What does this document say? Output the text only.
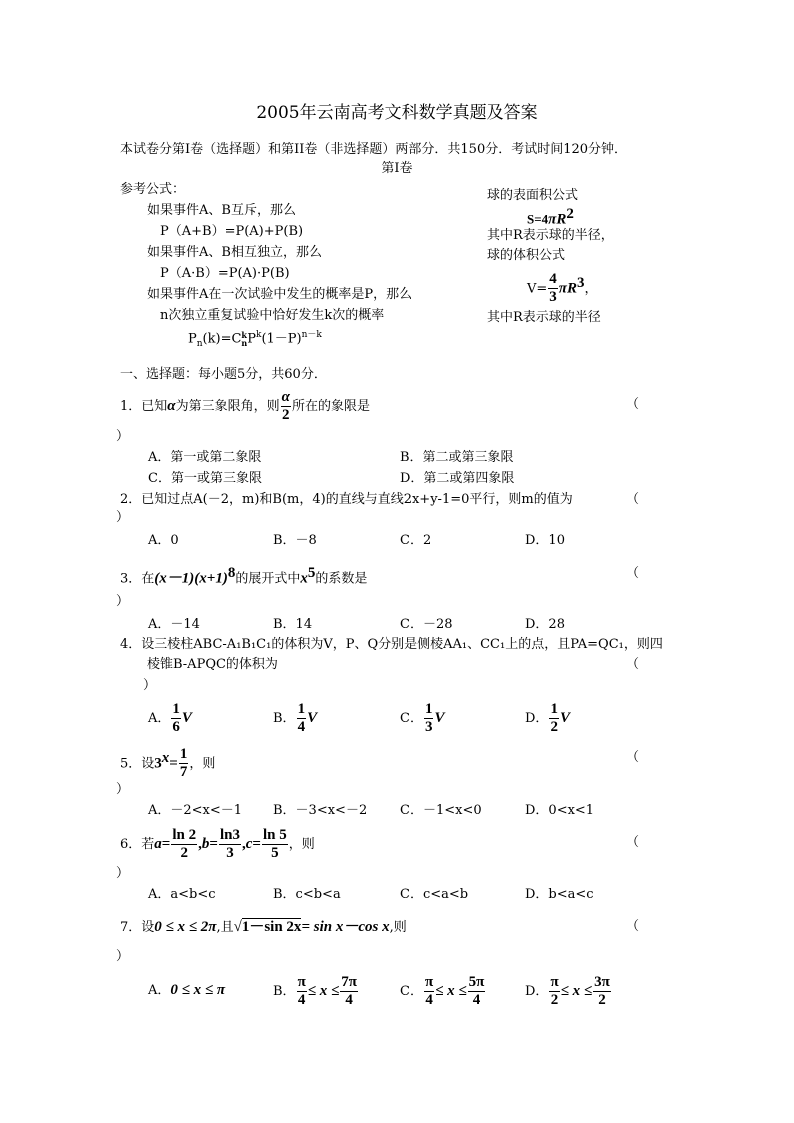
2005年云南高考文科数学真题及答案
本试卷分第I卷（选择题）和第II卷（非选择题）两部分．共150分．考试时间120分钟．
第I卷
参考公式：
如果事件A、B互斥，那么
P（A+B）=P(A)+P(B)
如果事件A、B相互独立，那么
P（A·B）=P(A)·P(B)
如果事件A在一次试验中发生的概率是P，那么
n次独立重复试验中恰好发生k次的概率
$P_n(k)=C$ k
n $P^k(1-P)^{n-k}$
球的表面积公式
$S=4\pi R^2$
其中R表示球的半径，
球的体积公式
$V= \frac{4}{3} \pi R^3$，
其中R表示球的半径
一、选择题：每小题5分，共60分．
1．已知α为第三象限角，则 $\frac{\alpha}{2}$ 所在的象限是	（
）
A．第一或第二象限	B．第二或第三象限
C．第一或第三象限	D．第二或第四象限
2．已知过点A(－2，m)和B(m，4)的直线与直线2x+y-1=0平行，则m的值为	（
）
A．0	B．－8	C．2	D．10
3．在$(x-1)(x+1)^8$的展开式中$x^5$的系数是	（
）
A．－14	B．14	C．－28	D．28
4．设三棱柱ABC-A₁B₁C₁的体积为V，P、Q分别是侧棱AA₁、CC₁上的点，且PA=QC₁，则四
棱锥B-APQC的体积为	（
）
A． $\frac{1}{6}$ V	B． $\frac{1}{4}$ V	C． $\frac{1}{3}$ V	D． $\frac{1}{2}$ V
5．设$3^x= \frac{1}{7}$ ，则	（
）
A．－2<x<－1 B．－3<x<－2	C．－1<x<0	D．0<x<1
6．若$a= \frac{\ln 2}{2} ,b= \frac{\ln 3}{3} ,c= \frac{\ln 5}{5}$ ，则	（
）
A．a<b<c	B．c<b<a	C．c<a<b	D．b<a<c
7．设0 ≤ x ≤ 2π,且√1－sin 2x= sin x－cos x,则	（
）
A．0 ≤ x ≤ π	B． $\frac{\pi}{4} \le x \le \frac{7\pi}{4}$	C． $\frac{\pi}{4} \le x \le \frac{5\pi}{4}$	D． $\frac{\pi}{2} \le x \le \frac{3\pi}{2}$
